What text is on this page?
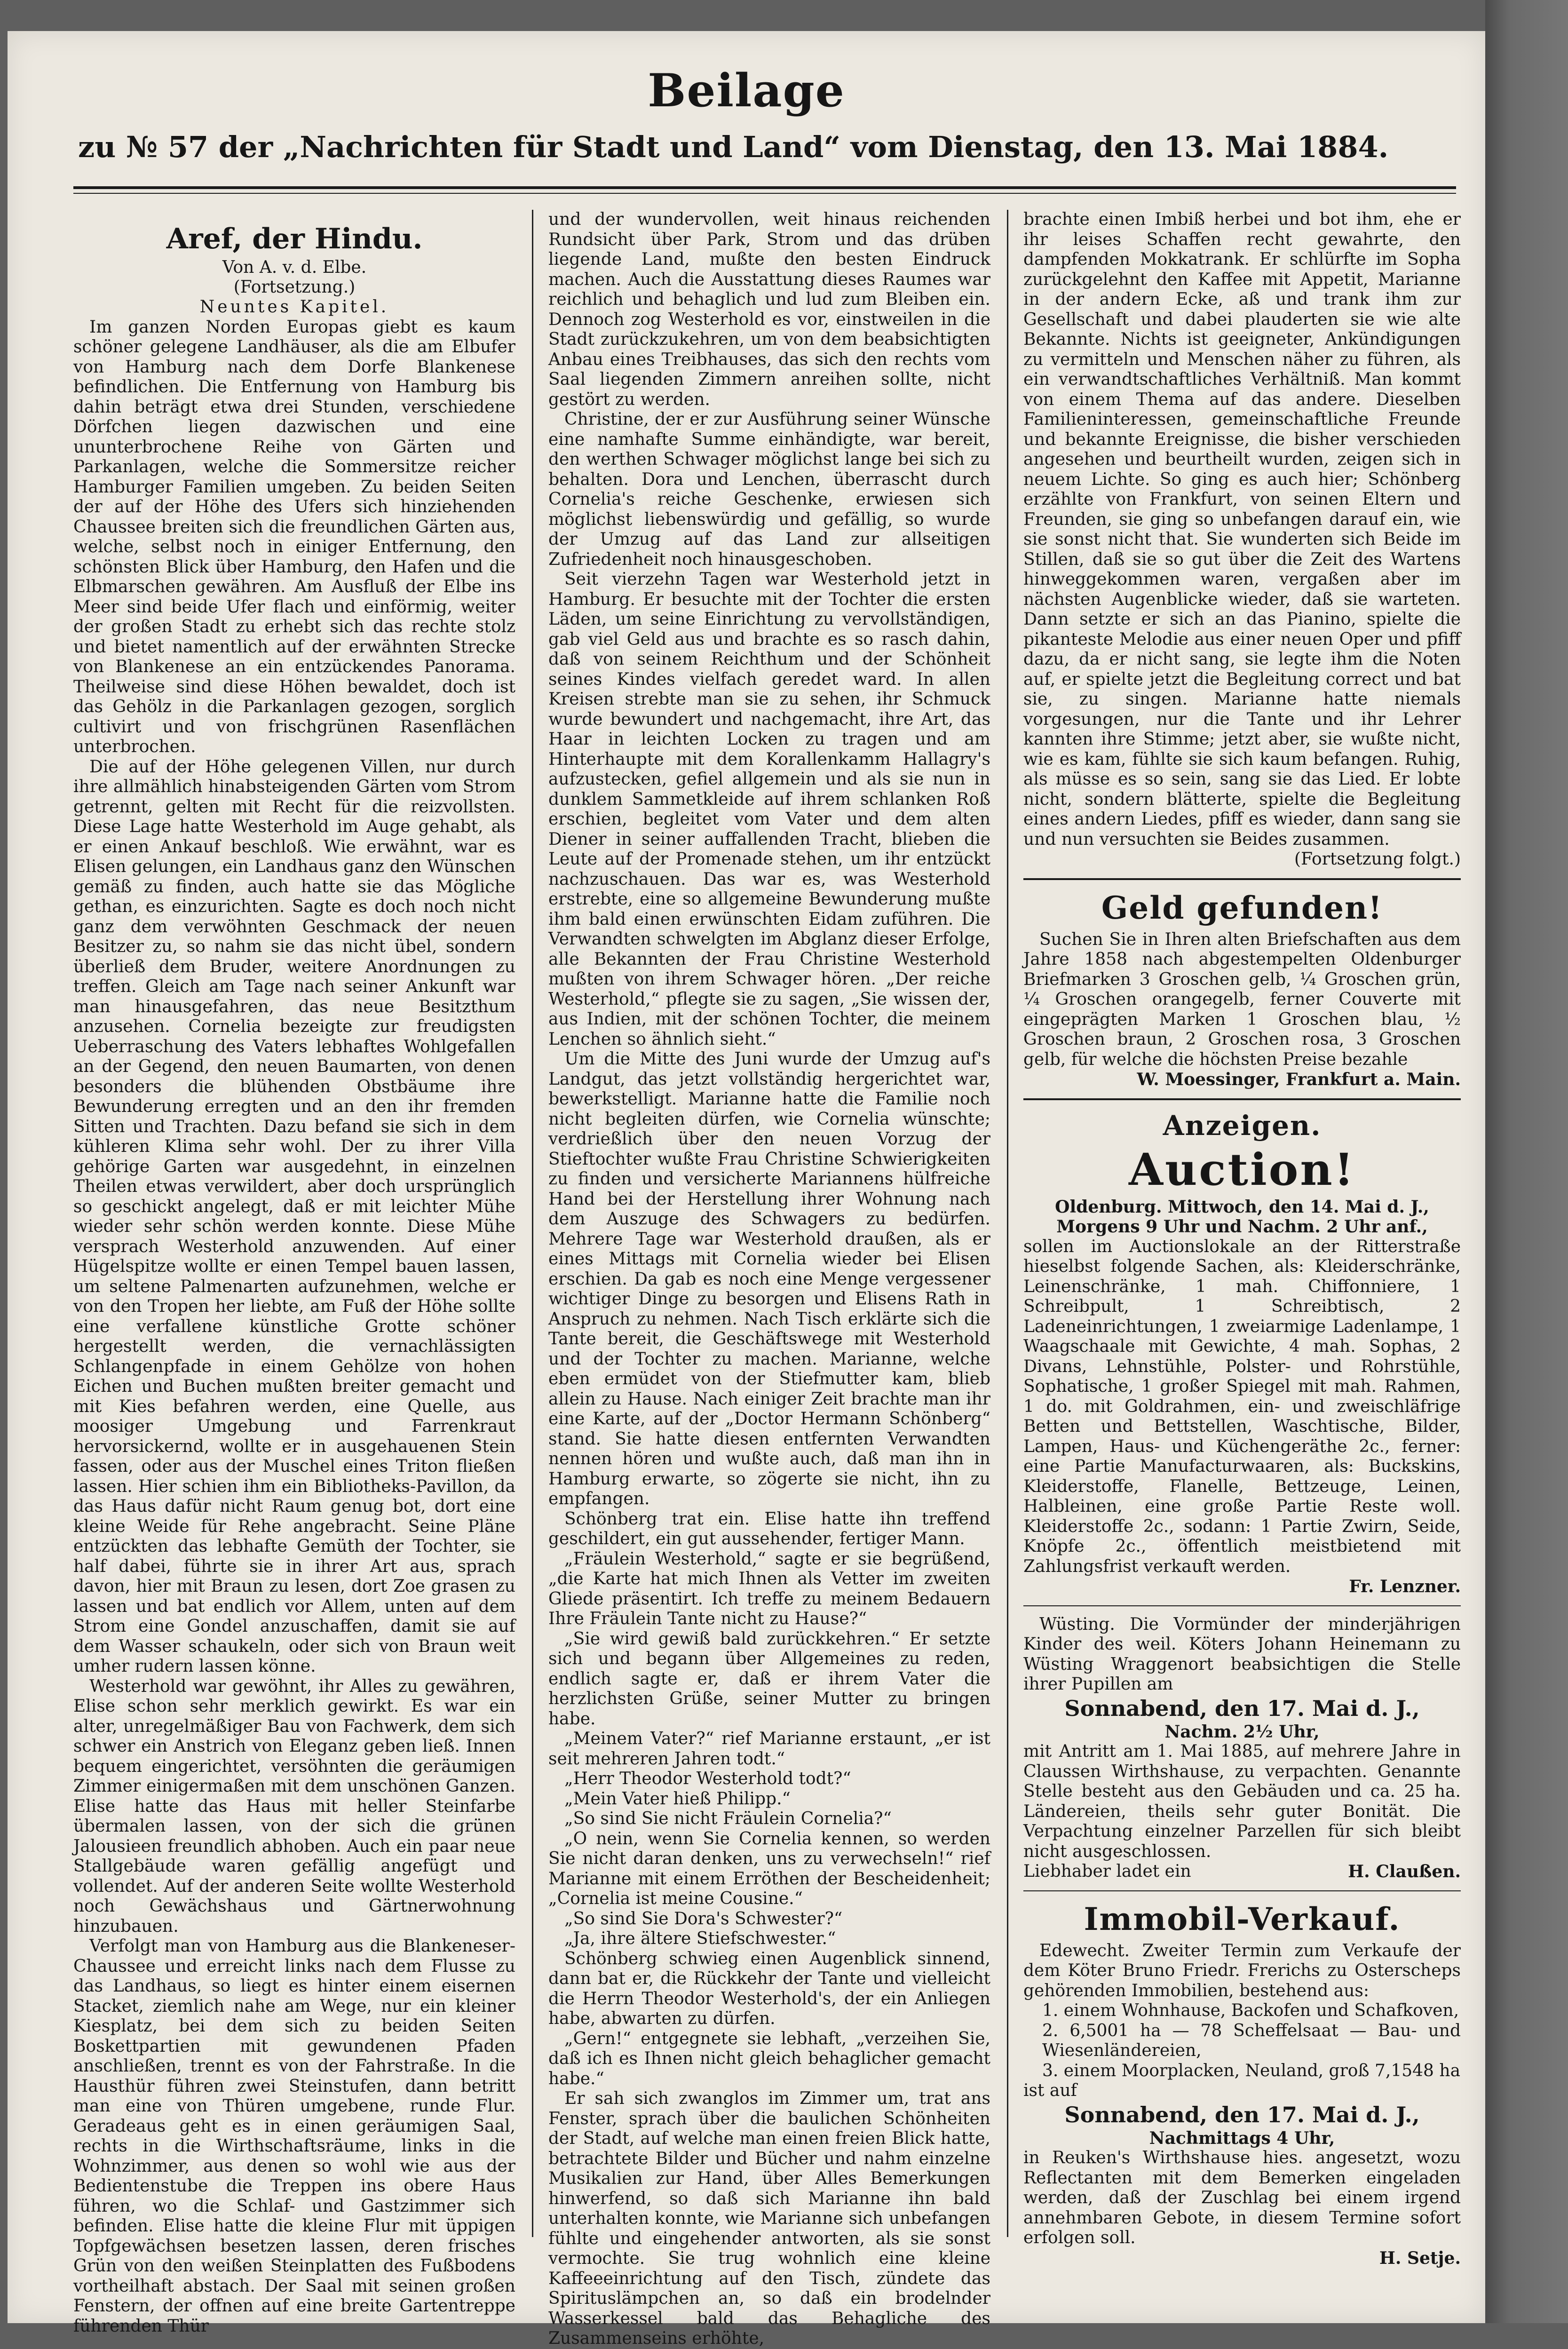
Beilage
zu № 57 der „Nachrichten für Stadt und Land“ vom Dienstag, den 13. Mai 1884.
Aref, der Hindu.
Von A. v. d. Elbe.
(Fortsetzung.)
Neuntes Kapitel.

Im ganzen Norden Europas giebt es kaum schöner gelegene Landhäuser, als die am Elbufer von Hamburg nach dem Dorfe Blankenese befindlichen. Die Entfernung von Hamburg bis dahin beträgt etwa drei Stunden, verschiedene Dörfchen liegen dazwischen und eine ununterbrochene Reihe von Gärten und Parkanlagen, welche die Sommersitze reicher Hamburger Familien umgeben. Zu beiden Seiten der auf der Höhe des Ufers sich hinziehenden Chaussee breiten sich die freundlichen Gärten aus, welche, selbst noch in einiger Entfernung, den schönsten Blick über Hamburg, den Hafen und die Elbmarschen gewähren. Am Ausfluß der Elbe ins Meer sind beide Ufer flach und einförmig, weiter der großen Stadt zu erhebt sich das rechte stolz und bietet namentlich auf der erwähnten Strecke von Blankenese an ein entzückendes Panorama. Theilweise sind diese Höhen bewaldet, doch ist das Gehölz in die Parkanlagen gezogen, sorglich cultivirt und von frischgrünen Rasenflächen unterbrochen.

Die auf der Höhe gelegenen Villen, nur durch ihre allmählich hinabsteigenden Gärten vom Strom getrennt, gelten mit Recht für die reizvollsten. Diese Lage hatte Westerhold im Auge gehabt, als er einen Ankauf beschloß. Wie erwähnt, war es Elisen gelungen, ein Landhaus ganz den Wünschen gemäß zu finden, auch hatte sie das Mögliche gethan, es einzurichten. Sagte es doch noch nicht ganz dem verwöhnten Geschmack der neuen Besitzer zu, so nahm sie das nicht übel, sondern überließ dem Bruder, weitere Anordnungen zu treffen. Gleich am Tage nach seiner Ankunft war man hinausgefahren, das neue Besitzthum anzusehen. Cornelia bezeigte zur freudigsten Ueberraschung des Vaters lebhaftes Wohlgefallen an der Gegend, den neuen Baumarten, von denen besonders die blühenden Obstbäume ihre Bewunderung erregten und an den ihr fremden Sitten und Trachten. Dazu befand sie sich in dem kühleren Klima sehr wohl. Der zu ihrer Villa gehörige Garten war ausgedehnt, in einzelnen Theilen etwas verwildert, aber doch ursprünglich so geschickt angelegt, daß er mit leichter Mühe wieder sehr schön werden konnte. Diese Mühe versprach Westerhold anzuwenden. Auf einer Hügelspitze wollte er einen Tempel bauen lassen, um seltene Palmenarten aufzunehmen, welche er von den Tropen her liebte, am Fuß der Höhe sollte eine verfallene künstliche Grotte schöner hergestellt werden, die vernachlässigten Schlangenpfade in einem Gehölze von hohen Eichen und Buchen mußten breiter gemacht und mit Kies befahren werden, eine Quelle, aus moosiger Umgebung und Farrenkraut hervorsickernd, wollte er in ausgehauenen Stein fassen, oder aus der Muschel eines Triton fließen lassen. Hier schien ihm ein Bibliotheks-Pavillon, da das Haus dafür nicht Raum genug bot, dort eine kleine Weide für Rehe angebracht. Seine Pläne entzückten das lebhafte Gemüth der Tochter, sie half dabei, führte sie in ihrer Art aus, sprach davon, hier mit Braun zu lesen, dort Zoe grasen zu lassen und bat endlich vor Allem, unten auf dem Strom eine Gondel anzuschaffen, damit sie auf dem Wasser schaukeln, oder sich von Braun weit umher rudern lassen könne.

Westerhold war gewöhnt, ihr Alles zu gewähren, Elise schon sehr merklich gewirkt. Es war ein alter, unregelmäßiger Bau von Fachwerk, dem sich schwer ein Anstrich von Eleganz geben ließ. Innen bequem eingerichtet, versöhnten die geräumigen Zimmer einigermaßen mit dem unschönen Ganzen. Elise hatte das Haus mit heller Steinfarbe übermalen lassen, von der sich die grünen Jalousieen freundlich abhoben. Auch ein paar neue Stallgebäude waren gefällig angefügt und vollendet. Auf der anderen Seite wollte Westerhold noch Gewächshaus und Gärtnerwohnung hinzubauen.

Verfolgt man von Hamburg aus die Blankeneser-Chaussee und erreicht links nach dem Flusse zu das Landhaus, so liegt es hinter einem eisernen Stacket, ziemlich nahe am Wege, nur ein kleiner Kiesplatz, bei dem sich zu beiden Seiten Boskettpartien mit gewundenen Pfaden anschließen, trennt es von der Fahrstraße. In die Hausthür führen zwei Steinstufen, dann betritt man eine von Thüren umgebene, runde Flur. Geradeaus geht es in einen geräumigen Saal, rechts in die Wirthschaftsräume, links in die Wohnzimmer, aus denen so wohl wie aus der Bedientenstube die Treppen ins obere Haus führen, wo die Schlaf- und Gastzimmer sich befinden. Elise hatte die kleine Flur mit üppigen Topfgewächsen besetzen lassen, deren frisches Grün von den weißen Steinplatten des Fußbodens vortheilhaft abstach. Der Saal mit seinen großen Fenstern, der offnen auf eine breite Gartentreppe führenden Thür

und der wundervollen, weit hinaus reichenden Rundsicht über Park, Strom und das drüben liegende Land, mußte den besten Eindruck machen. Auch die Ausstattung dieses Raumes war reichlich und behaglich und lud zum Bleiben ein. Dennoch zog Westerhold es vor, einstweilen in die Stadt zurückzukehren, um von dem beabsichtigten Anbau eines Treibhauses, das sich den rechts vom Saal liegenden Zimmern anreihen sollte, nicht gestört zu werden.

Christine, der er zur Ausführung seiner Wünsche eine namhafte Summe einhändigte, war bereit, den werthen Schwager möglichst lange bei sich zu behalten. Dora und Lenchen, überrascht durch Cornelia's reiche Geschenke, erwiesen sich möglichst liebenswürdig und gefällig, so wurde der Umzug auf das Land zur allseitigen Zufriedenheit noch hinausgeschoben.

Seit vierzehn Tagen war Westerhold jetzt in Hamburg. Er besuchte mit der Tochter die ersten Läden, um seine Einrichtung zu vervollständigen, gab viel Geld aus und brachte es so rasch dahin, daß von seinem Reichthum und der Schönheit seines Kindes vielfach geredet ward. In allen Kreisen strebte man sie zu sehen, ihr Schmuck wurde bewundert und nachgemacht, ihre Art, das Haar in leichten Locken zu tragen und am Hinterhaupte mit dem Korallenkamm Hallagry's aufzustecken, gefiel allgemein und als sie nun in dunklem Sammetkleide auf ihrem schlanken Roß erschien, begleitet vom Vater und dem alten Diener in seiner auffallenden Tracht, blieben die Leute auf der Promenade stehen, um ihr entzückt nachzuschauen. Das war es, was Westerhold erstrebte, eine so allgemeine Bewunderung mußte ihm bald einen erwünschten Eidam zuführen. Die Verwandten schwelgten im Abglanz dieser Erfolge, alle Bekannten der Frau Christine Westerhold mußten von ihrem Schwager hören. „Der reiche Westerhold,“ pflegte sie zu sagen, „Sie wissen der, aus Indien, mit der schönen Tochter, die meinem Lenchen so ähnlich sieht.“

Um die Mitte des Juni wurde der Umzug auf's Landgut, das jetzt vollständig hergerichtet war, bewerkstelligt. Marianne hatte die Familie noch nicht begleiten dürfen, wie Cornelia wünschte; verdrießlich über den neuen Vorzug der Stieftochter wußte Frau Christine Schwierigkeiten zu finden und versicherte Mariannens hülfreiche Hand bei der Herstellung ihrer Wohnung nach dem Auszuge des Schwagers zu bedürfen. Mehrere Tage war Westerhold draußen, als er eines Mittags mit Cornelia wieder bei Elisen erschien. Da gab es noch eine Menge vergessener wichtiger Dinge zu besorgen und Elisens Rath in Anspruch zu nehmen. Nach Tisch erklärte sich die Tante bereit, die Geschäftswege mit Westerhold und der Tochter zu machen. Marianne, welche eben ermüdet von der Stiefmutter kam, blieb allein zu Hause. Nach einiger Zeit brachte man ihr eine Karte, auf der „Doctor Hermann Schönberg“ stand. Sie hatte diesen entfernten Verwandten nennen hören und wußte auch, daß man ihn in Hamburg erwarte, so zögerte sie nicht, ihn zu empfangen.

Schönberg trat ein. Elise hatte ihn treffend geschildert, ein gut aussehender, fertiger Mann.

„Fräulein Westerhold,“ sagte er sie begrüßend, „die Karte hat mich Ihnen als Vetter im zweiten Gliede präsentirt. Ich treffe zu meinem Bedauern Ihre Fräulein Tante nicht zu Hause?“

„Sie wird gewiß bald zurückkehren.“ Er setzte sich und begann über Allgemeines zu reden, endlich sagte er, daß er ihrem Vater die herzlichsten Grüße, seiner Mutter zu bringen habe.

„Meinem Vater?“ rief Marianne erstaunt, „er ist seit mehreren Jahren todt.“

„Herr Theodor Westerhold todt?“

„Mein Vater hieß Philipp.“

„So sind Sie nicht Fräulein Cornelia?“

„O nein, wenn Sie Cornelia kennen, so werden Sie nicht daran denken, uns zu verwechseln!“ rief Marianne mit einem Erröthen der Bescheidenheit; „Cornelia ist meine Cousine.“

„So sind Sie Dora's Schwester?“

„Ja, ihre ältere Stiefschwester.“

Schönberg schwieg einen Augenblick sinnend, dann bat er, die Rückkehr der Tante und vielleicht die Herrn Theodor Westerhold's, der ein Anliegen habe, abwarten zu dürfen.

„Gern!“ entgegnete sie lebhaft, „verzeihen Sie, daß ich es Ihnen nicht gleich behaglicher gemacht habe.“

Er sah sich zwanglos im Zimmer um, trat ans Fenster, sprach über die baulichen Schönheiten der Stadt, auf welche man einen freien Blick hatte, betrachtete Bilder und Bücher und nahm einzelne Musikalien zur Hand, über Alles Bemerkungen hinwerfend, so daß sich Marianne ihn bald unterhalten konnte, wie Marianne sich unbefangen fühlte und eingehender antworten, als sie sonst vermochte. Sie trug wohnlich eine kleine Kaffeeeinrichtung auf den Tisch, zündete das Spirituslämpchen an, so daß ein brodelnder Wasserkessel bald das Behagliche des Zusammenseins erhöhte,

brachte einen Imbiß herbei und bot ihm, ehe er ihr leises Schaffen recht gewahrte, den dampfenden Mokkatrank. Er schlürfte im Sopha zurückgelehnt den Kaffee mit Appetit, Marianne in der andern Ecke, aß und trank ihm zur Gesellschaft und dabei plauderten sie wie alte Bekannte. Nichts ist geeigneter, Ankündigungen zu vermitteln und Menschen näher zu führen, als ein verwandtschaftliches Verhältniß. Man kommt von einem Thema auf das andere. Dieselben Familieninteressen, gemeinschaftliche Freunde und bekannte Ereignisse, die bisher verschieden angesehen und beurtheilt wurden, zeigen sich in neuem Lichte. So ging es auch hier; Schönberg erzählte von Frankfurt, von seinen Eltern und Freunden, sie ging so unbefangen darauf ein, wie sie sonst nicht that. Sie wunderten sich Beide im Stillen, daß sie so gut über die Zeit des Wartens hinweggekommen waren, vergaßen aber im nächsten Augenblicke wieder, daß sie warteten. Dann setzte er sich an das Pianino, spielte die pikanteste Melodie aus einer neuen Oper und pfiff dazu, da er nicht sang, sie legte ihm die Noten auf, er spielte jetzt die Begleitung correct und bat sie, zu singen. Marianne hatte niemals vorgesungen, nur die Tante und ihr Lehrer kannten ihre Stimme; jetzt aber, sie wußte nicht, wie es kam, fühlte sie sich kaum befangen. Ruhig, als müsse es so sein, sang sie das Lied. Er lobte nicht, sondern blätterte, spielte die Begleitung eines andern Liedes, pfiff es wieder, dann sang sie und nun versuchten sie Beides zusammen.

(Fortsetzung folgt.)

Geld gefunden!

Suchen Sie in Ihren alten Briefschaften aus dem Jahre 1858 nach abgestempelten Oldenburger Briefmarken 3 Groschen gelb, ¼ Groschen grün, ¼ Groschen orangegelb, ferner Couverte mit eingeprägten Marken 1 Groschen blau, ½ Groschen braun, 2 Groschen rosa, 3 Groschen gelb, für welche die höchsten Preise bezahle

W. Moessinger, Frankfurt a. Main.

Anzeigen.
Auction!

Oldenburg. Mittwoch, den 14. Mai d. J., Morgens 9 Uhr und Nachm. 2 Uhr anf.,

sollen im Auctionslokale an der Ritterstraße hieselbst folgende Sachen, als: Kleiderschränke, Leinenschränke, 1 mah. Chiffonniere, 1 Schreibpult, 1 Schreibtisch, 2 Ladeneinrichtungen, 1 zweiarmige Ladenlampe, 1 Waagschaale mit Gewichte, 4 mah. Sophas, 2 Divans, Lehnstühle, Polster- und Rohrstühle, Sophatische, 1 großer Spiegel mit mah. Rahmen, 1 do. mit Goldrahmen, ein- und zweischläfrige Betten und Bettstellen, Waschtische, Bilder, Lampen, Haus- und Küchengeräthe 2c., ferner: eine Partie Manufacturwaaren, als: Buckskins, Kleiderstoffe, Flanelle, Bettzeuge, Leinen, Halbleinen, eine große Partie Reste woll. Kleiderstoffe 2c., sodann: 1 Partie Zwirn, Seide, Knöpfe 2c., öffentlich meistbietend mit Zahlungsfrist verkauft werden.

Fr. Lenzner.

Wüsting. Die Vormünder der minderjährigen Kinder des weil. Köters Johann Heinemann zu Wüsting Wraggenort beabsichtigen die Stelle ihrer Pupillen am

Sonnabend, den 17. Mai d. J.,

Nachm. 2½ Uhr,

mit Antritt am 1. Mai 1885, auf mehrere Jahre in Claussen Wirthshause, zu verpachten. Genannte Stelle besteht aus den Gebäuden und ca. 25 ha. Ländereien, theils sehr guter Bonität. Die Verpachtung einzelner Parzellen für sich bleibt nicht ausgeschlossen.

Liebhaber ladet ein	H. Claußen.

Immobil-Verkauf.

Edewecht. Zweiter Termin zum Verkaufe der dem Köter Bruno Friedr. Frerichs zu Osterscheps gehörenden Immobilien, bestehend aus:

1. einem Wohnhause, Backofen und Schafkoven,

2. 6,5001 ha — 78 Scheffelsaat — Bau- und Wiesenländereien,

3. einem Moorplacken, Neuland, groß 7,1548 ha

ist auf

Sonnabend, den 17. Mai d. J.,

Nachmittags 4 Uhr,

in Reuken's Wirthshause hies. angesetzt, wozu Reflectanten mit dem Bemerken eingeladen werden, daß der Zuschlag bei einem irgend annehmbaren Gebote, in diesem Termine sofort erfolgen soll.

H. Setje.
